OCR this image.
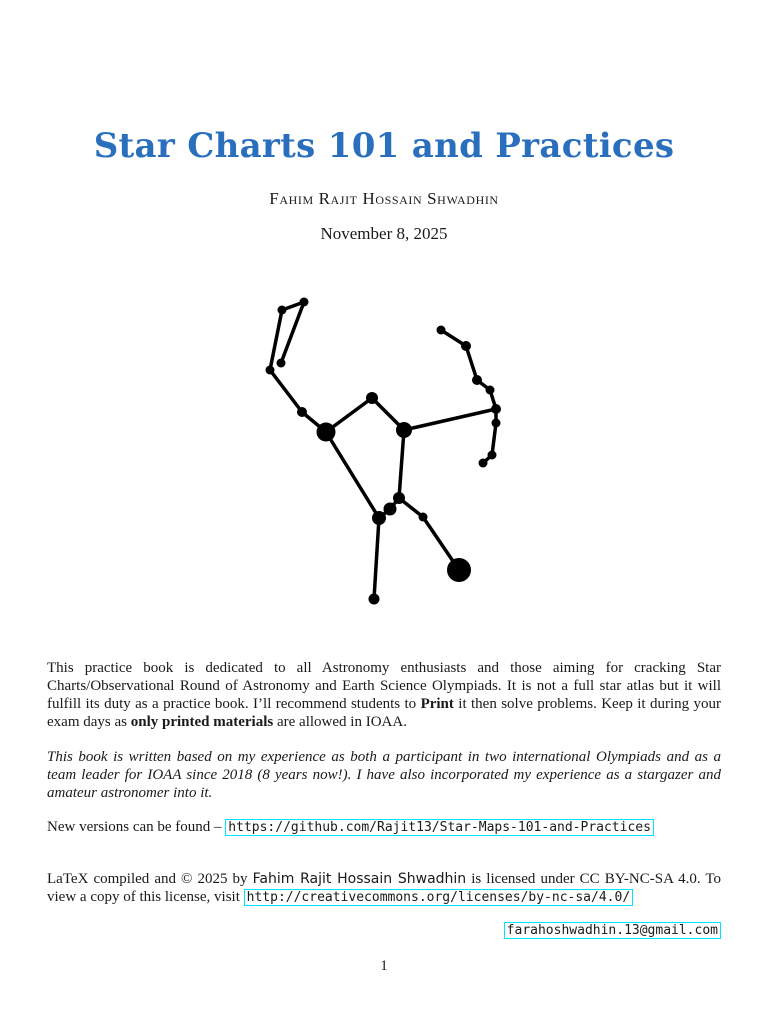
Star Charts 101 and Practices
Fahim Rajit Hossain Shwadhin
November 8, 2025
This practice book is dedicated to all Astronomy enthusiasts and those aiming for cracking Star Charts/Observational Round of Astronomy and Earth Science Olympiads. It is not a full star atlas but it will fulfill its duty as a practice book. I’ll recommend students to Print it then solve problems. Keep it during your exam days as only printed materials are allowed in IOAA.
This book is written based on my experience as both a participant in two international Olympiads and as a team leader for IOAA since 2018 (8 years now!). I have also incorporated my experience as a stargazer and amateur astronomer into it.
New versions can be found – https://github.com/Rajit13/Star-Maps-101-and-Practices
LaTeX compiled and © 2025 by Fahim Rajit Hossain Shwadhin is licensed under CC BY-NC-SA 4.0. To view a copy of this license, visit http://creativecommons.org/licenses/by-nc-sa/4.0/
farahoshwadhin.13@gmail.com
1
